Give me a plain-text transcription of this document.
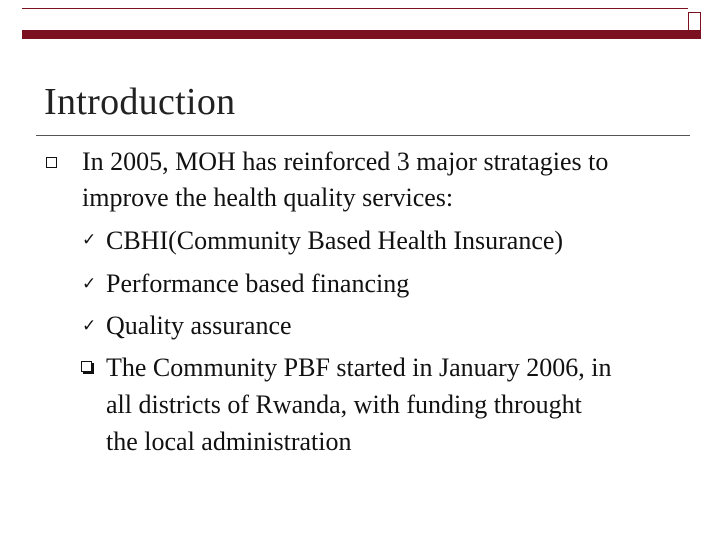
Introduction
In 2005, MOH has reinforced 3 major stratagies to
improve the health quality services:
✓ CBHI(Community Based Health Insurance)
✓ Performance based financing
✓ Quality assurance
The Community PBF started in January 2006, in
all districts of Rwanda, with funding throught
the local administration
